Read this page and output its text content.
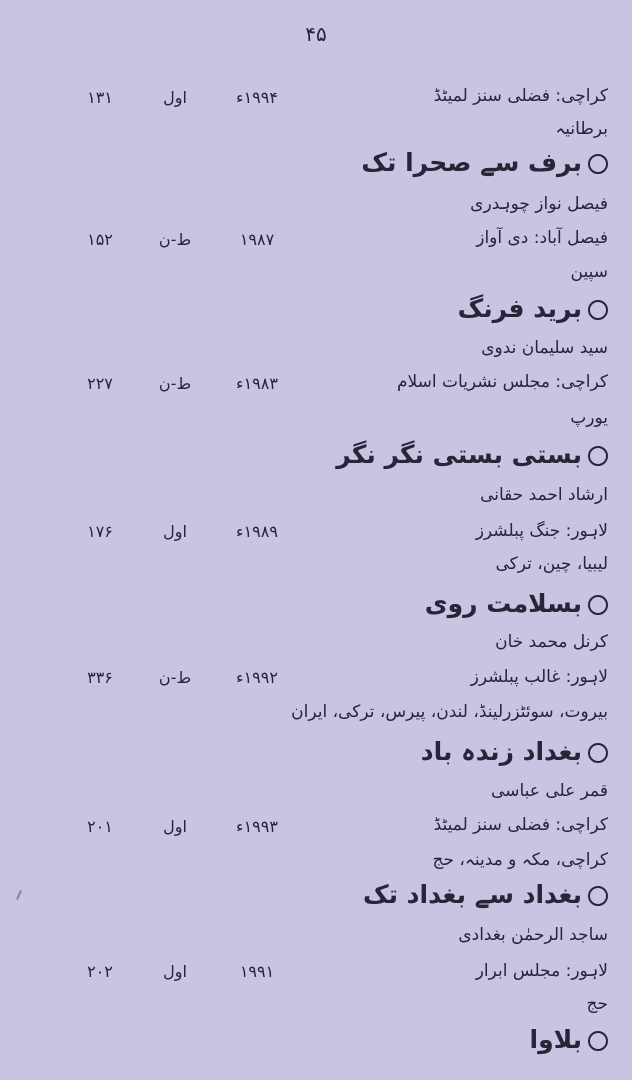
۴۵
کراچی: فضلی سنز لمیٹڈ
۱۹۹۴ء
اول
۱۳۱
برطانیہ
برف سے صحرا تک
فیصل نواز چوہدری
فیصل آباد: دی آواز
۱۹۸۷
ط-ن
۱۵۲
سپین
برید فرنگ
سید سلیمان ندوی
کراچی: مجلس نشریات اسلام
۱۹۸۳ء
ط-ن
۲۲۷
یورپ
بستی بستی نگر نگر
ارشاد احمد حقانی
لاہور: جنگ پبلشرز
۱۹۸۹ء
اول
۱۷۶
لیبیا، چین، ترکی
بسلامت روی
کرنل محمد خان
لاہور: غالب پبلشرز
۱۹۹۲ء
ط-ن
۳۳۶
بیروت، سوئٹزرلینڈ، لندن، پیرس، ترکی، ایران
بغداد زندہ باد
قمر علی عباسی
کراچی: فضلی سنز لمیٹڈ
۱۹۹۳ء
اول
۲۰۱
کراچی، مکہ و مدینہ، حج
بغداد سے بغداد تک
ساجد الرحمٰن بغدادی
لاہور: مجلس ابرار
۱۹۹۱
اول
۲۰۲
حج
بلاوا
